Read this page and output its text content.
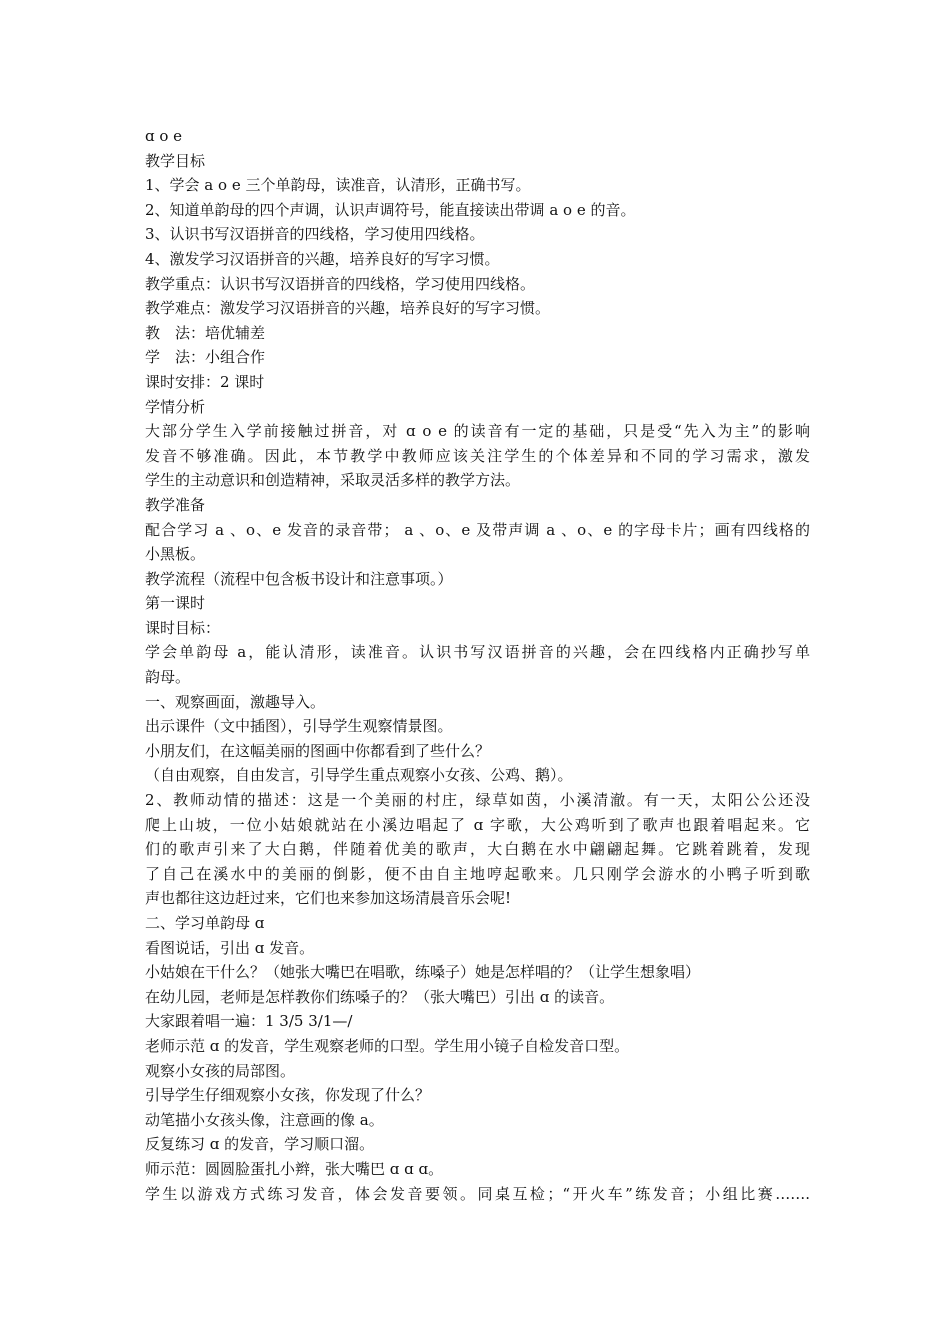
ɑ o e
教学目标
1、学会 a o e 三个单韵母，读准音，认清形，正确书写。
2、知道单韵母的四个声调，认识声调符号，能直接读出带调 a o e 的音。
3、认识书写汉语拼音的四线格，学习使用四线格。
4、激发学习汉语拼音的兴趣，培养良好的写字习惯。
教学重点：认识书写汉语拼音的四线格，学习使用四线格。
教学难点：激发学习汉语拼音的兴趣，培养良好的写字习惯。
教　法：培优辅差
学　法：小组合作
课时安排：2 课时
学情分析
大部分学生入学前接触过拼音，对 ɑ o e 的读音有一定的基础，只是受“先入为主”的影响
发音不够准确。因此，本节教学中教师应该关注学生的个体差异和不同的学习需求，激发
学生的主动意识和创造精神，采取灵活多样的教学方法。
教学准备
配合学习 a 、o、e 发音的录音带； a 、o、e 及带声调 a 、o、e 的字母卡片；画有四线格的
小黑板。
教学流程（流程中包含板书设计和注意事项。）
第一课时
课时目标：
学会单韵母 a，能认清形，读准音。认识书写汉语拼音的兴趣，会在四线格内正确抄写单
韵母。
一、观察画面，激趣导入。
出示课件（文中插图），引导学生观察情景图。
小朋友们，在这幅美丽的图画中你都看到了些什么？
（自由观察，自由发言，引导学生重点观察小女孩、公鸡、鹅）。
2、教师动情的描述：这是一个美丽的村庄，绿草如茵，小溪清澈。有一天，太阳公公还没
爬上山坡，一位小姑娘就站在小溪边唱起了 ɑ 字歌，大公鸡听到了歌声也跟着唱起来。它
们的歌声引来了大白鹅，伴随着优美的歌声，大白鹅在水中翩翩起舞。它跳着跳着，发现
了自己在溪水中的美丽的倒影，便不由自主地哼起歌来。几只刚学会游水的小鸭子听到歌
声也都往这边赶过来，它们也来参加这场清晨音乐会呢!
二、学习单韵母 ɑ
看图说话，引出 ɑ 发音。
小姑娘在干什么？（她张大嘴巴在唱歌，练嗓子）她是怎样唱的？（让学生想象唱）
在幼儿园，老师是怎样教你们练嗓子的？（张大嘴巴）引出 ɑ 的读音。
大家跟着唱一遍：1 3/5 3/1—/
老师示范 ɑ 的发音，学生观察老师的口型。学生用小镜子自检发音口型。
观察小女孩的局部图。
引导学生仔细观察小女孩，你发现了什么？
动笔描小女孩头像，注意画的像 a。
反复练习 ɑ 的发音，学习顺口溜。
师示范：圆圆脸蛋扎小辫，张大嘴巴 ɑ ɑ ɑ。
学生以游戏方式练习发音，体会发音要领。同桌互检；“开火车”练发音；小组比赛…….
